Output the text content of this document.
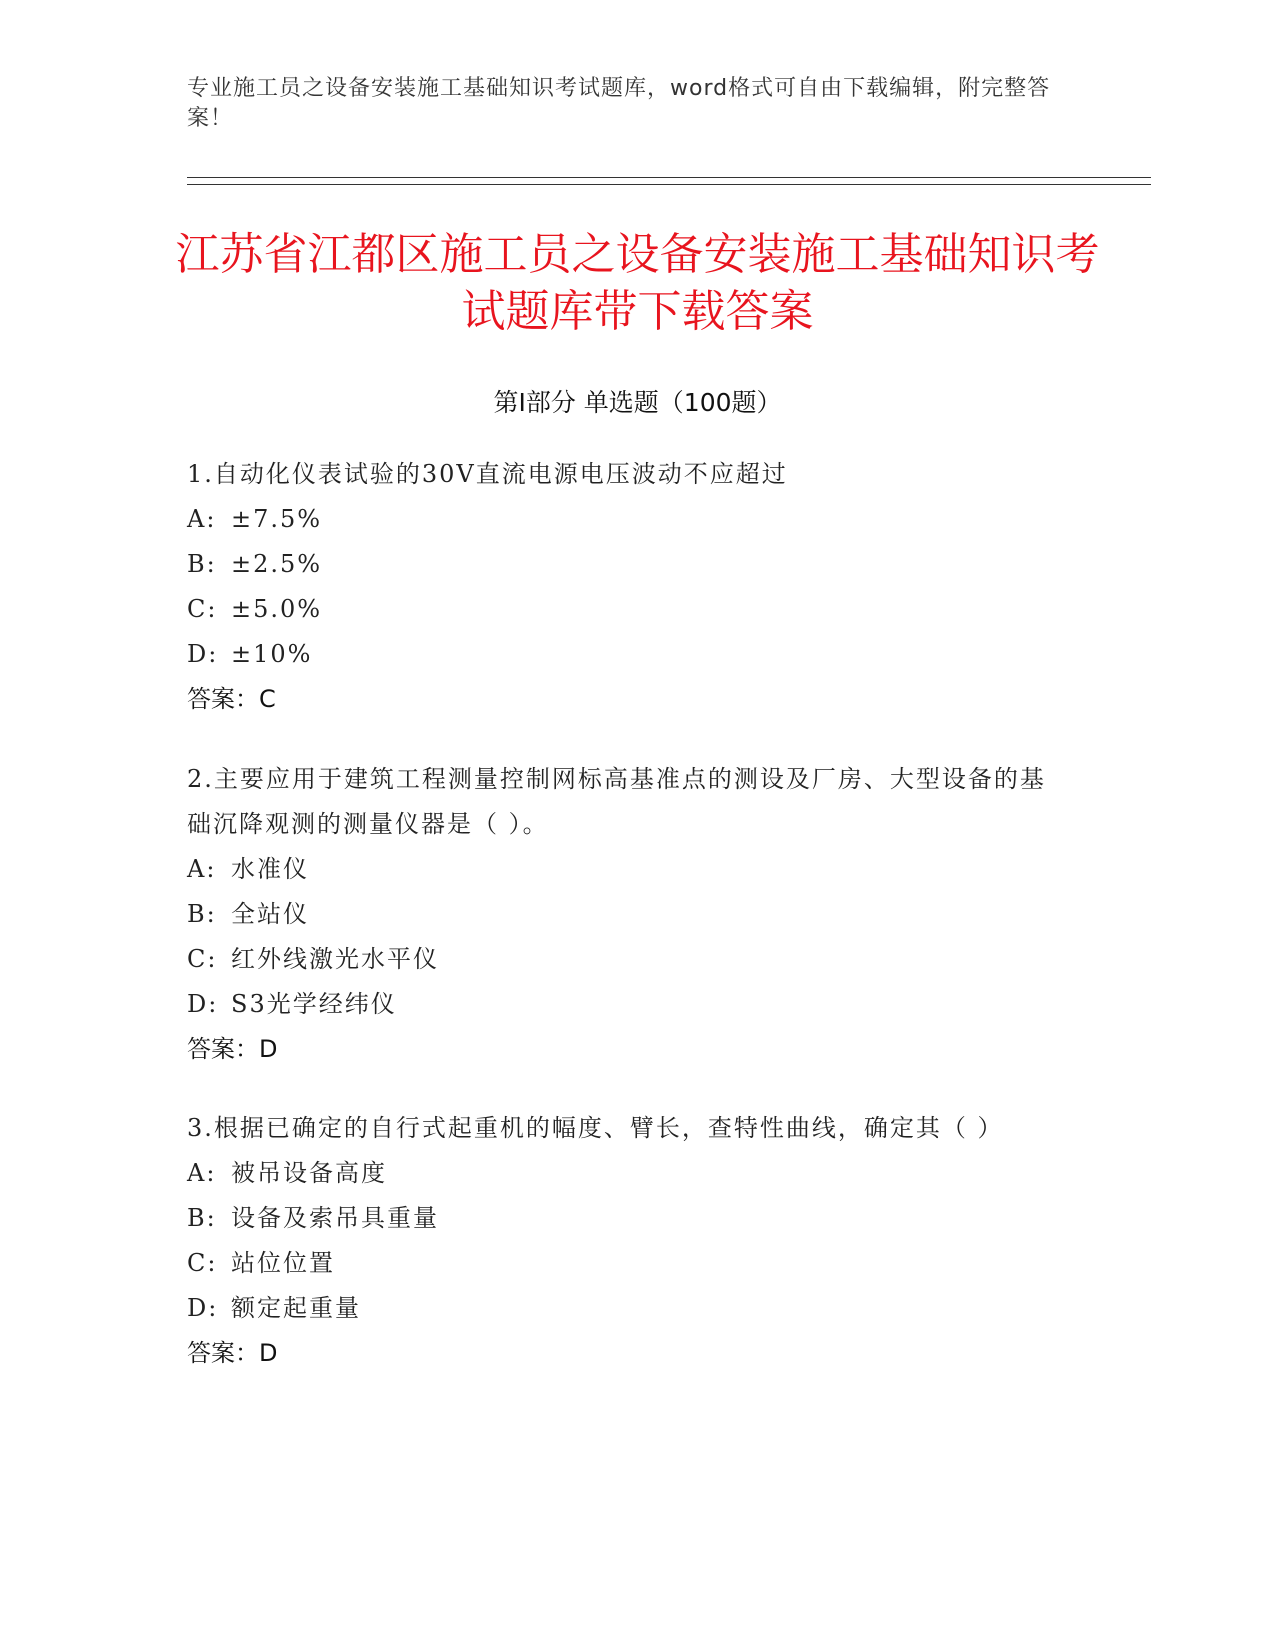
专业施工员之设备安装施工基础知识考试题库，word格式可自由下载编辑，附完整答案！
江苏省江都区施工员之设备安装施工基础知识考试题库带下载答案
第Ⅰ部分 单选题（100题）
1.自动化仪表试验的30V直流电源电压波动不应超过
A: ±7.5%
B: ±2.5%
C: ±5.0%
D: ±10%
答案：C
2.主要应用于建筑工程测量控制网标高基准点的测设及厂房、大型设备的基础沉降观测的测量仪器是（ ）。
A: 水准仪
B: 全站仪
C: 红外线激光水平仪
D: S3光学经纬仪
答案：D
3.根据已确定的自行式起重机的幅度、臂长，查特性曲线，确定其（ ）
A: 被吊设备高度
B: 设备及索吊具重量
C: 站位位置
D: 额定起重量
答案：D
